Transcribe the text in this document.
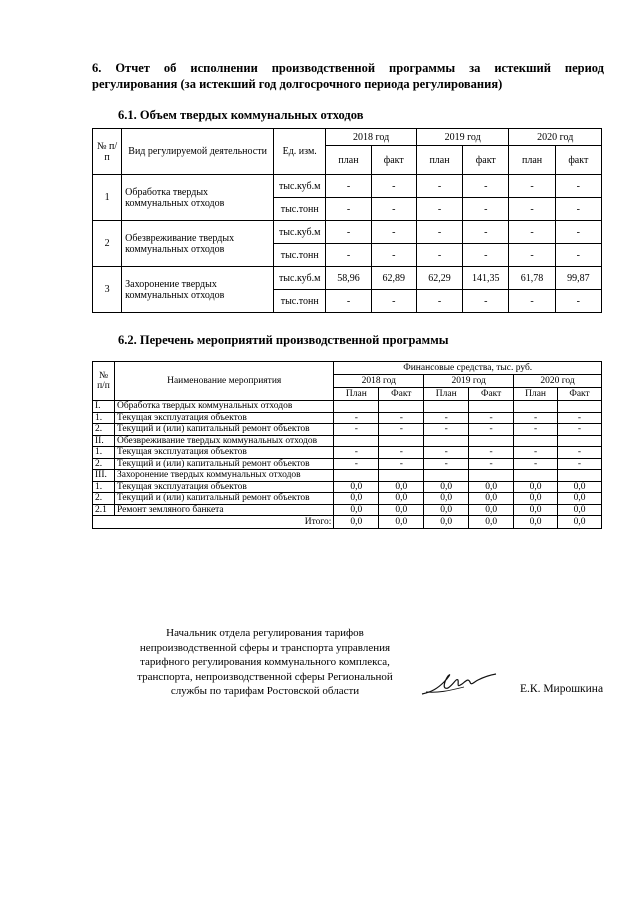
6. Отчет об исполнении производственной программы за истекший период
регулирования (за истекший год долгосрочного периода регулирования)
6.1. Объем твердых коммунальных отходов
№ п/п	Вид регулируемой деятельности	Ед. изм.	2018 год		2019 год		2020 год	
			план	факт	план	факт	план	факт
1	Обработка твердых коммунальных отходов	тыс.куб.м	-	-	-	-	-	-
		тыс.тонн	-	-	-	-	-	-
2	Обезвреживание твердых коммунальных отходов	тыс.куб.м	-	-	-	-	-	-
		тыс.тонн	-	-	-	-	-	-
3	Захоронение твердых коммунальных отходов	тыс.куб.м	58,96	62,89	62,29	141,35	61,78	99,87
		тыс.тонн	-	-	-	-	-	-
6.2. Перечень мероприятий производственной программы
№ п/п	Наименование мероприятия	Финансовые средства, тыс. руб.					
		2018 год		2019 год		2020 год	
		План	Факт	План	Факт	План	Факт
I.	Обработка твердых коммунальных отходов						
1.	Текущая эксплуатация объектов	-	-	-	-	-	-
2.	Текущий и (или) капитальный ремонт объектов	-	-	-	-	-	-
II.	Обезвреживание твердых коммунальных отходов						
1.	Текущая эксплуатация объектов	-	-	-	-	-	-
2.	Текущий и (или) капитальный ремонт объектов	-	-	-	-	-	-
III.	Захоронение твердых коммунальных отходов						
1.	Текущая эксплуатация объектов	0,0	0,0	0,0	0,0	0,0	0,0
2.	Текущий и (или) капитальный ремонт объектов	0,0	0,0	0,0	0,0	0,0	0,0
2.1	Ремонт земляного банкета	0,0	0,0	0,0	0,0	0,0	0,0
Итого:		0,0	0,0	0,0	0,0	0,0	0,0
Начальник отдела регулирования тарифов
непроизводственной сферы и транспорта управления
тарифного регулирования коммунального комплекса,
транспорта, непроизводственной сферы Региональной
службы по тарифам Ростовской области	Е.К. Мирошкина
